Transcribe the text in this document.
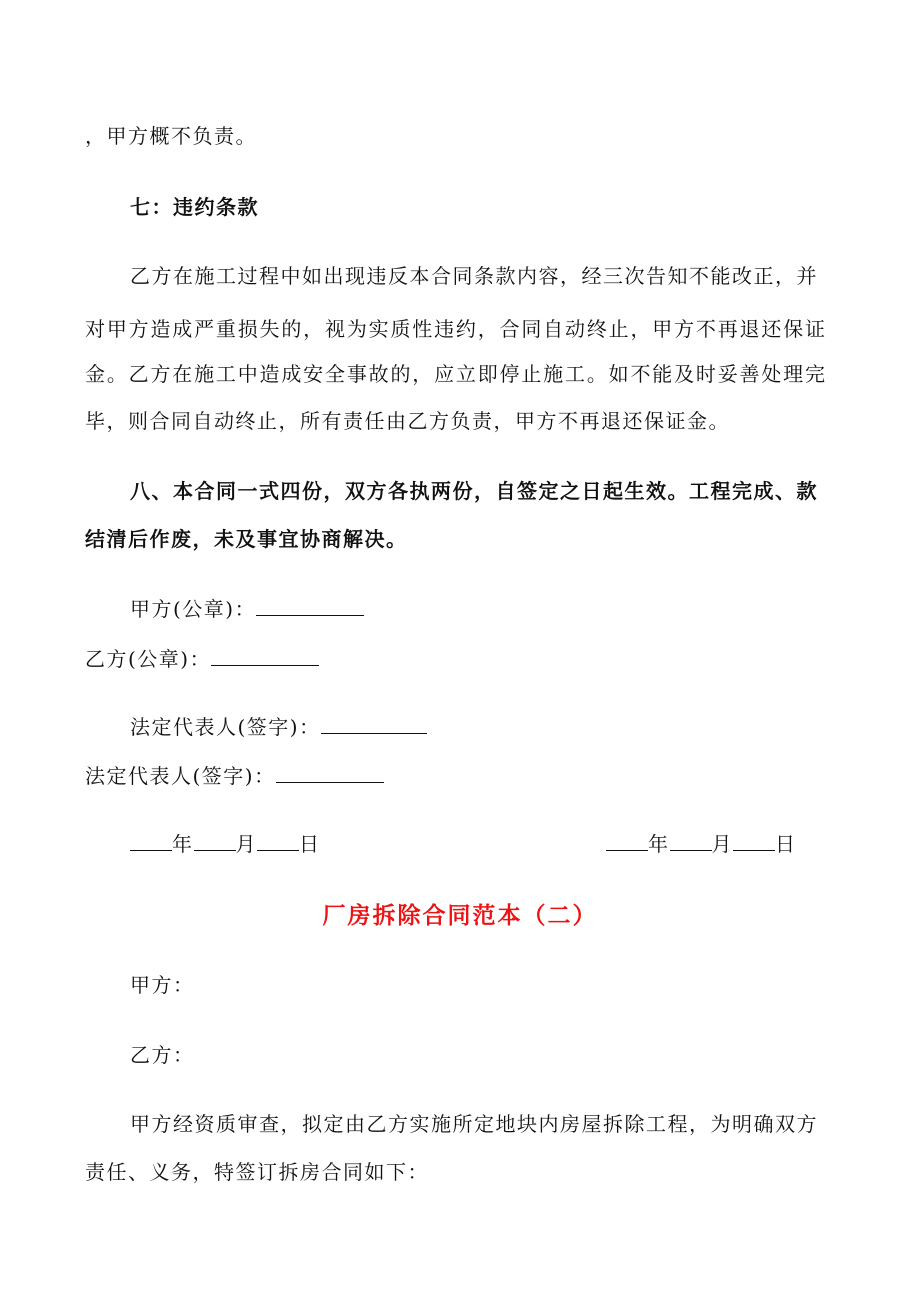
，甲方概不负责。
七：违约条款
乙方在施工过程中如出现违反本合同条款内容，经三次告知不能改正，并
对甲方造成严重损失的，视为实质性违约，合同自动终止，甲方不再退还保证
金。乙方在施工中造成安全事故的，应立即停止施工。如不能及时妥善处理完
毕，则合同自动终止，所有责任由乙方负责，甲方不再退还保证金。
八、本合同一式四份，双方各执两份，自签定之日起生效。工程完成、款
结清后作废，未及事宜协商解决。
甲方(公章)：
乙方(公章)：
法定代表人(签字)：
法定代表人(签字)：
年 月 日	年 月 日
厂房拆除合同范本（二）
甲方：
乙方：
甲方经资质审查，拟定由乙方实施所定地块内房屋拆除工程，为明确双方
责任、义务，特签订拆房合同如下：
